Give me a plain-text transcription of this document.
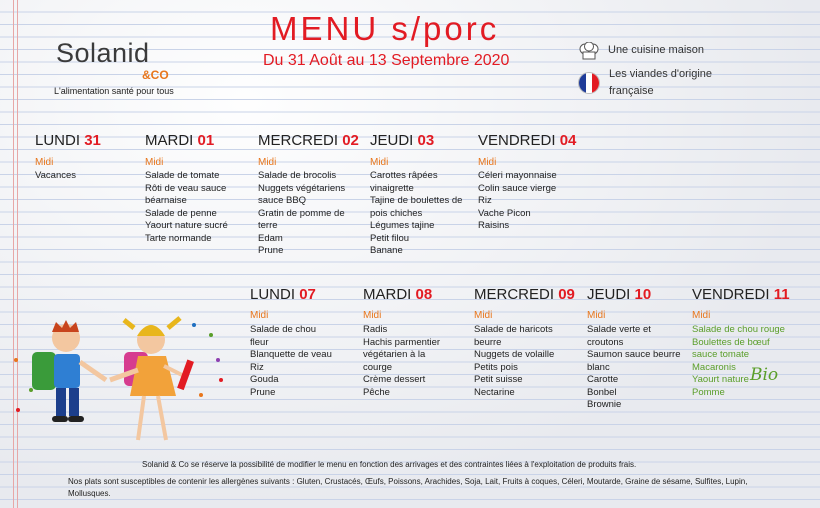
Solanid
&CO
L'alimentation santé pour tous
MENU s/porc
Du 31 Août au 13 Septembre 2020
Une cuisine maison
Les viandes d'origine française
LUNDI 31
Midi
Vacances
MARDI 01
Midi
Salade de tomate
Rôti de veau sauce
béarnaise
Salade de penne
Yaourt nature sucré
Tarte normande
MERCREDI 02
Midi
Salade de brocolis
Nuggets végétariens
sauce BBQ
Gratin de pomme de
terre
Edam
Prune
JEUDI 03
Midi
Carottes râpées
vinaigrette
Tajine de boulettes de
pois chiches
Légumes tajine
Petit filou
Banane
VENDREDI 04
Midi
Céleri mayonnaise
Colin sauce vierge
Riz
Vache Picon
Raisins
LUNDI 07
Midi
Salade de chou
fleur
Blanquette de veau
Riz
Gouda
Prune
MARDI 08
Midi
Radis
Hachis parmentier
végétarien à la
courge
Crème dessert
Pêche
MERCREDI 09
Midi
Salade de haricots
beurre
Nuggets de volaille
Petits pois
Petit suisse
Nectarine
JEUDI 10
Midi
Salade verte et
croutons
Saumon sauce beurre
blanc
Carotte
Bonbel
Brownie
VENDREDI 11
Midi
Salade de chou rouge
Boulettes de bœuf
sauce tomate
Macaronis
Yaourt nature
Pomme
Bio
Solanid & Co se réserve la possibilité de modifier le menu en fonction des arrivages et des contraintes liées à l'exploitation de produits frais.
Nos plats sont susceptibles de contenir les allergènes suivants : Gluten, Crustacés, Œufs, Poissons, Arachides, Soja, Lait, Fruits à coques, Céleri, Moutarde, Graine de sésame, Sulfites, Lupin, Mollusques.
